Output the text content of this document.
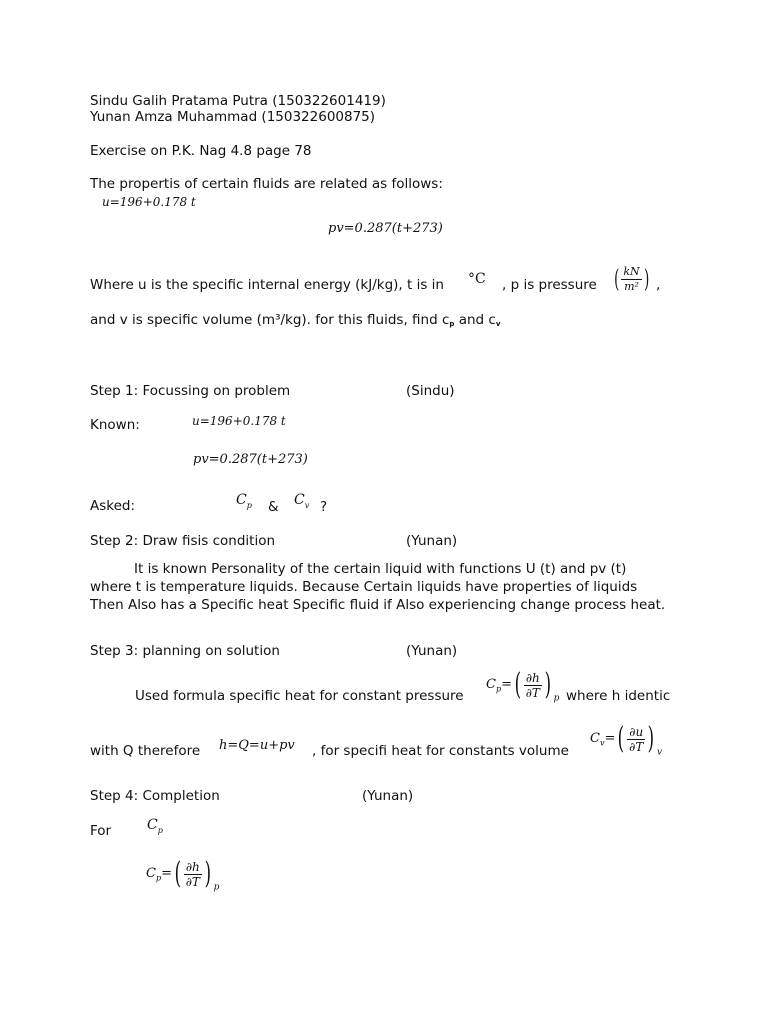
Sindu Galih Pratama Putra (150322601419)
Yunan Amza Muhammad (150322600875)
Exercise on P.K. Nag 4.8 page 78
The propertis of certain fluids are related as follows:
u=196+0.178 t
pv=0.287(t+273)
Where u is the specific internal energy (kJ/kg), t is in °C , p is pressure ( $\frac{kN}{\text{m²}}$ ) ,
and v is specific volume (m³/kg). for this fluids, find $c_p$ and $c_v$
Step 1: Focussing on problem	(Sindu)
Known:	u=196+0.178 t
pv=0.287(t+273)
Asked:	$C_p$ & $C_v$ ?
Step 2: Draw fisis condition	(Yunan)
It is known Personality of the certain liquid with functions U (t) and pv (t) where t is temperature liquids. Because Certain liquids have properties of liquids Then Also has a Specific heat Specific fluid if Also experiencing change process heat.
Step 3: planning on solution	(Yunan)
Used formula specific heat for constant pressure
$C_p=( \frac{\partial h}{\partial T}$ ) $_p$ where h identic
with Q therefore h=Q=u+pv , for specifi heat for constants volume
$C_v=( \frac{\partial u}{\partial T}$ ) $_v$
Step 4: Completion	(Yunan)
For	$C_p$
$C_p=( \frac{\partial h}{\partial T}$ ) $_p$
